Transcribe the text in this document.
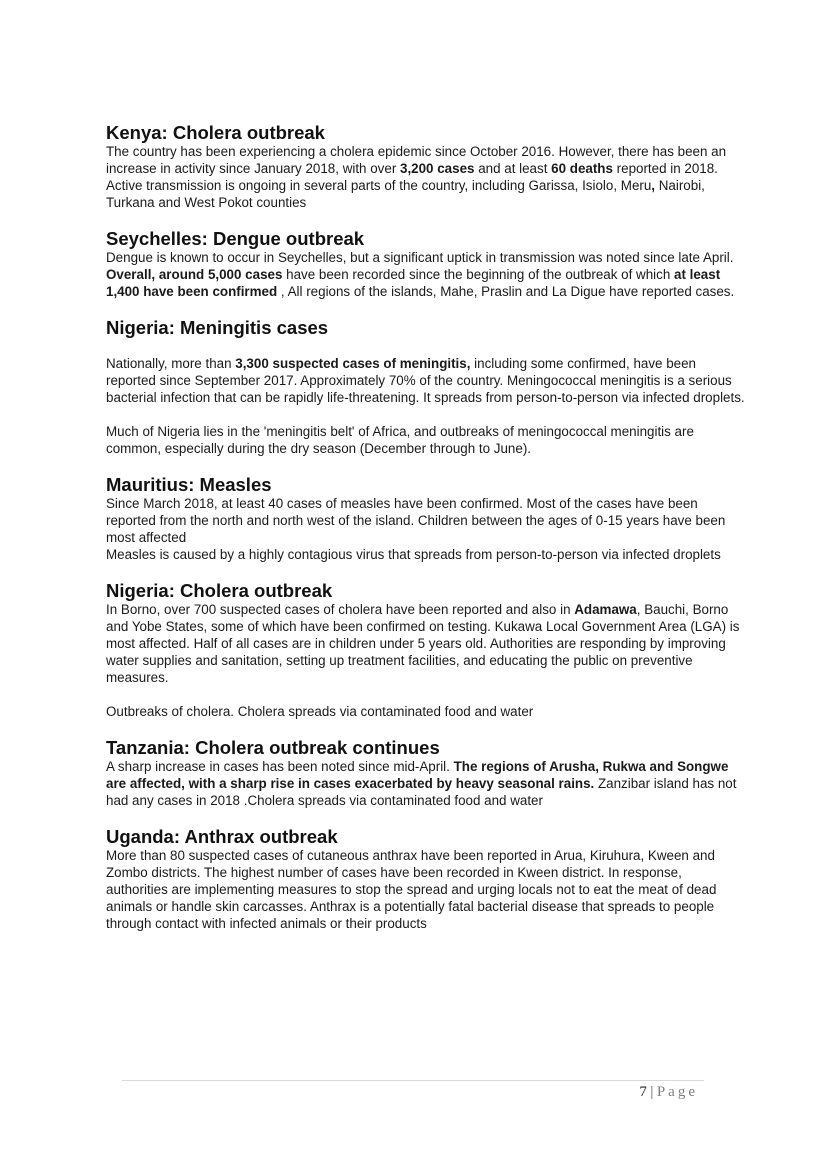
Kenya: Cholera outbreak

The country has been experiencing a cholera epidemic since October 2016. However, there has been an increase in activity since January 2018, with over 3,200 cases and at least 60 deaths reported in 2018. Active transmission is ongoing in several parts of the country, including Garissa, Isiolo, Meru, Nairobi, Turkana and West Pokot counties

Seychelles: Dengue outbreak

Dengue is known to occur in Seychelles, but a significant uptick in transmission was noted since late April. Overall, around 5,000 cases have been recorded since the beginning of the outbreak of which at least 1,400 have been confirmed , All regions of the islands, Mahe, Praslin and La Digue have reported cases.

Nigeria: Meningitis cases

Nationally, more than 3,300 suspected cases of meningitis, including some confirmed, have been reported since September 2017. Approximately 70% of the country. Meningococcal meningitis is a serious bacterial infection that can be rapidly life-threatening. It spreads from person-to-person via infected droplets.

Much of Nigeria lies in the 'meningitis belt' of Africa, and outbreaks of meningococcal meningitis are common, especially during the dry season (December through to June).

Mauritius: Measles

Since March 2018, at least 40 cases of measles have been confirmed. Most of the cases have been reported from the north and north west of the island. Children between the ages of 0-15 years have been most affected

Measles is caused by a highly contagious virus that spreads from person-to-person via infected droplets

Nigeria: Cholera outbreak

In Borno, over 700 suspected cases of cholera have been reported and also in Adamawa, Bauchi, Borno and Yobe States, some of which have been confirmed on testing. Kukawa Local Government Area (LGA) is most affected. Half of all cases are in children under 5 years old. Authorities are responding by improving water supplies and sanitation, setting up treatment facilities, and educating the public on preventive measures.

Outbreaks of cholera. Cholera spreads via contaminated food and water

Tanzania: Cholera outbreak continues

A sharp increase in cases has been noted since mid-April. The regions of Arusha, Rukwa and Songwe are affected, with a sharp rise in cases exacerbated by heavy seasonal rains. Zanzibar island has not had any cases in 2018 .Cholera spreads via contaminated food and water

Uganda: Anthrax outbreak

More than 80 suspected cases of cutaneous anthrax have been reported in Arua, Kiruhura, Kween and Zombo districts. The highest number of cases have been recorded in Kween district. In response, authorities are implementing measures to stop the spread and urging locals not to eat the meat of dead animals or handle skin carcasses. Anthrax is a potentially fatal bacterial disease that spreads to people through contact with infected animals or their products

7 | Page
